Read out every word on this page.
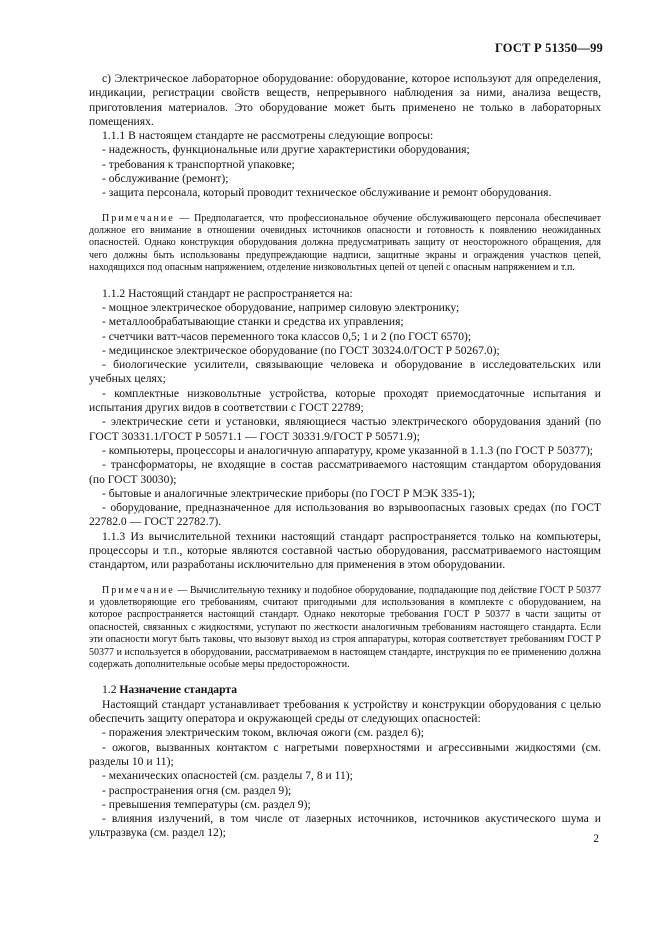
ГОСТ Р 51350—99

с) Электрическое лабораторное оборудование: оборудование, которое используют для определения, индикации, регистрации свойств веществ, непрерывного наблюдения за ними, анализа веществ, приготовления материалов. Это оборудование может быть применено не только в лабораторных помещениях.

1.1.1 В настоящем стандарте не рассмотрены следующие вопросы:

- надежность, функциональные или другие характеристики оборудования;

- требования к транспортной упаковке;

- обслуживание (ремонт);

- защита персонала, который проводит техническое обслуживание и ремонт оборудования.

Примечание — Предполагается, что профессиональное обучение обслуживающего персонала обеспечивает должное его внимание в отношении очевидных источников опасности и готовность к появлению неожиданных опасностей. Однако конструкция оборудования должна предусматривать защиту от неосторожного обращения, для чего должны быть использованы предупреждающие надписи, защитные экраны и ограждения участков цепей, находящихся под опасным напряжением, отделение низковольтных цепей от цепей с опасным напряжением и т.п.

1.1.2 Настоящий стандарт не распространяется на:

- мощное электрическое оборудование, например силовую электронику;

- металлообрабатывающие станки и средства их управления;

- счетчики ватт-часов переменного тока классов 0,5; 1 и 2 (по ГОСТ 6570);

- медицинское электрическое оборудование (по ГОСТ 30324.0/ГОСТ Р 50267.0);

- биологические усилители, связывающие человека и оборудование в исследовательских или учебных целях;

- комплектные низковольтные устройства, которые проходят приемосдаточные испытания и испытания других видов в соответствии с ГОСТ 22789;

- электрические сети и установки, являющиеся частью электрического оборудования зданий (по ГОСТ 30331.1/ГОСТ Р 50571.1 — ГОСТ 30331.9/ГОСТ Р 50571.9);

- компьютеры, процессоры и аналогичную аппаратуру, кроме указанной в 1.1.3 (по ГОСТ Р 50377);

- трансформаторы, не входящие в состав рассматриваемого настоящим стандартом оборудования (по ГОСТ 30030);

- бытовые и аналогичные электрические приборы (по ГОСТ Р МЭК 335-1);

- оборудование, предназначенное для использования во взрывоопасных газовых средах (по ГОСТ 22782.0 — ГОСТ 22782.7).

1.1.3 Из вычислительной техники настоящий стандарт распространяется только на компьютеры, процессоры и т.п., которые являются составной частью оборудования, рассматриваемого настоящим стандартом, или разработаны исключительно для применения в этом оборудовании.

Примечание — Вычислительную технику и подобное оборудование, подпадающие под действие ГОСТ Р 50377 и удовлетворяющие его требованиям, считают пригодными для использования в комплекте с оборудованием, на которое распространяется настоящий стандарт. Однако некоторые требования ГОСТ Р 50377 в части защиты от опасностей, связанных с жидкостями, уступают по жесткости аналогичным требованиям настоящего стандарта. Если эти опасности могут быть таковы, что вызовут выход из строя аппаратуры, которая соответствует требованиям ГОСТ Р 50377 и используется в оборудовании, рассматриваемом в настоящем стандарте, инструкция по ее применению должна содержать дополнительные особые меры предосторожности.

1.2 Назначение стандарта

Настоящий стандарт устанавливает требования к устройству и конструкции оборудования с целью обеспечить защиту оператора и окружающей среды от следующих опасностей:

- поражения электрическим током, включая ожоги (см. раздел 6);

- ожогов, вызванных контактом с нагретыми поверхностями и агрессивными жидкостями (см. разделы 10 и 11);

- механических опасностей (см. разделы 7, 8 и 11);

- распространения огня (см. раздел 9);

- превышения температуры (см. раздел 9);

- влияния излучений, в том числе от лазерных источников, источников акустического шума и ультразвука (см. раздел 12);	2
